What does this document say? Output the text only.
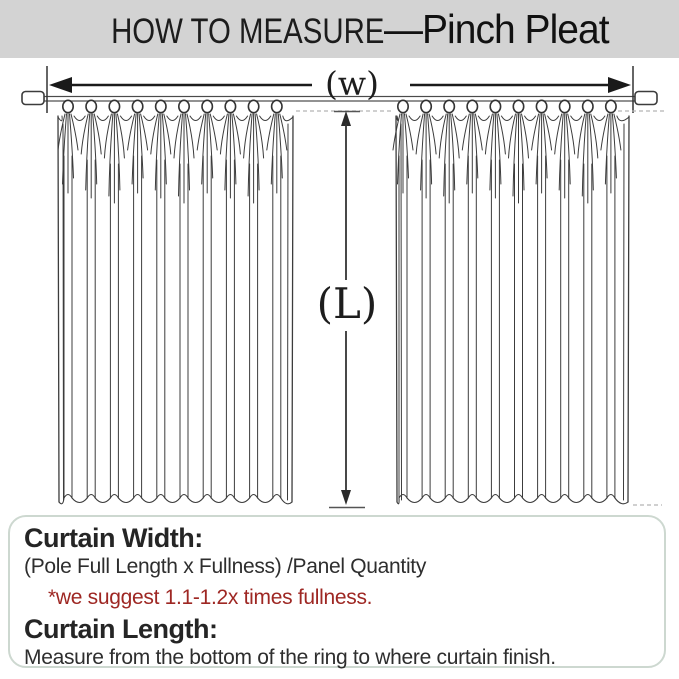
HOW TO MEASURE —Pinch Pleat
(w)
(L)
Curtain Width:
(Pole Full Length x Fullness) /Panel Quantity
*we suggest 1.1-1.2x times fullness.
Curtain Length:
Measure from the bottom of the ring to where curtain finish.
